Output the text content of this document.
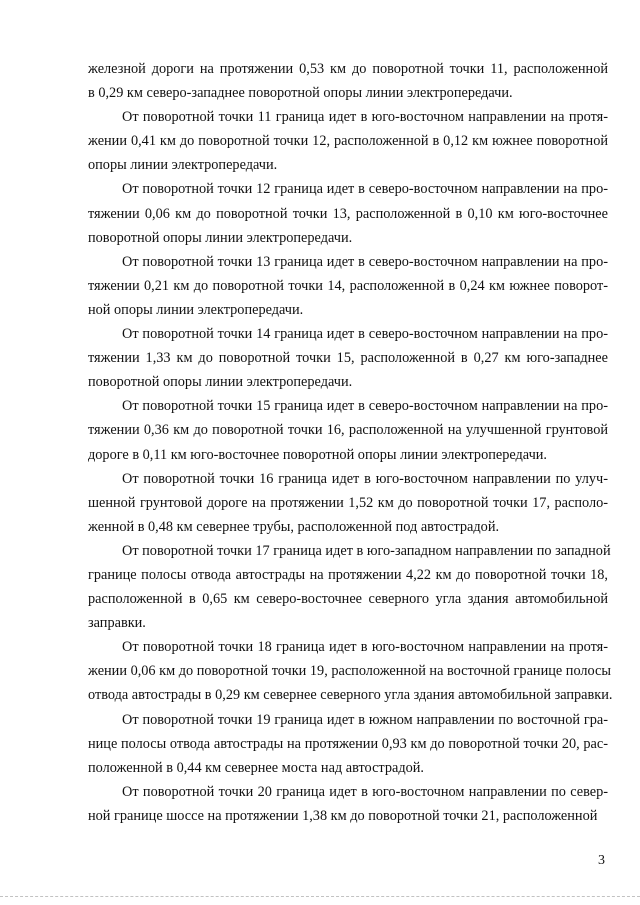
железной дороги на протяжении 0,53 км до поворотной точки 11, расположенной
в 0,29 км северо-западнее поворотной опоры линии электропередачи.
От поворотной точки 11 граница идет в юго-восточном направлении на протя-
жении 0,41 км до поворотной точки 12, расположенной в 0,12 км южнее поворотной
опоры линии электропередачи.
От поворотной точки 12 граница идет в северо-восточном направлении на про-
тяжении 0,06 км до поворотной точки 13, расположенной в 0,10 км юго-восточнее
поворотной опоры линии электропередачи.
От поворотной точки 13 граница идет в северо-восточном направлении на про-
тяжении 0,21 км до поворотной точки 14, расположенной в 0,24 км южнее поворот-
ной опоры линии электропередачи.
От поворотной точки 14 граница идет в северо-восточном направлении на про-
тяжении 1,33 км до поворотной точки 15, расположенной в 0,27 км юго-западнее
поворотной опоры линии электропередачи.
От поворотной точки 15 граница идет в северо-восточном направлении на про-
тяжении 0,36 км до поворотной точки 16, расположенной на улучшенной грунтовой
дороге в 0,11 км юго-восточнее поворотной опоры линии электропередачи.
От поворотной точки 16 граница идет в юго-восточном направлении по улуч-
шенной грунтовой дороге на протяжении 1,52 км до поворотной точки 17, располо-
женной в 0,48 км севернее трубы, расположенной под автострадой.
От поворотной точки 17 граница идет в юго-западном направлении по западной
границе полосы отвода автострады на протяжении 4,22 км до поворотной точки 18,
расположенной в 0,65 км северо-восточнее северного угла здания автомобильной
заправки.
От поворотной точки 18 граница идет в юго-восточном направлении на протя-
жении 0,06 км до поворотной точки 19, расположенной на восточной границе полосы
отвода автострады в 0,29 км севернее северного угла здания автомобильной заправки.
От поворотной точки 19 граница идет в южном направлении по восточной гра-
нице полосы отвода автострады на протяжении 0,93 км до поворотной точки 20, рас-
положенной в 0,44 км севернее моста над автострадой.
От поворотной точки 20 граница идет в юго-восточном направлении по север-
ной границе шоссе на протяжении 1,38 км до поворотной точки 21, расположенной
3
